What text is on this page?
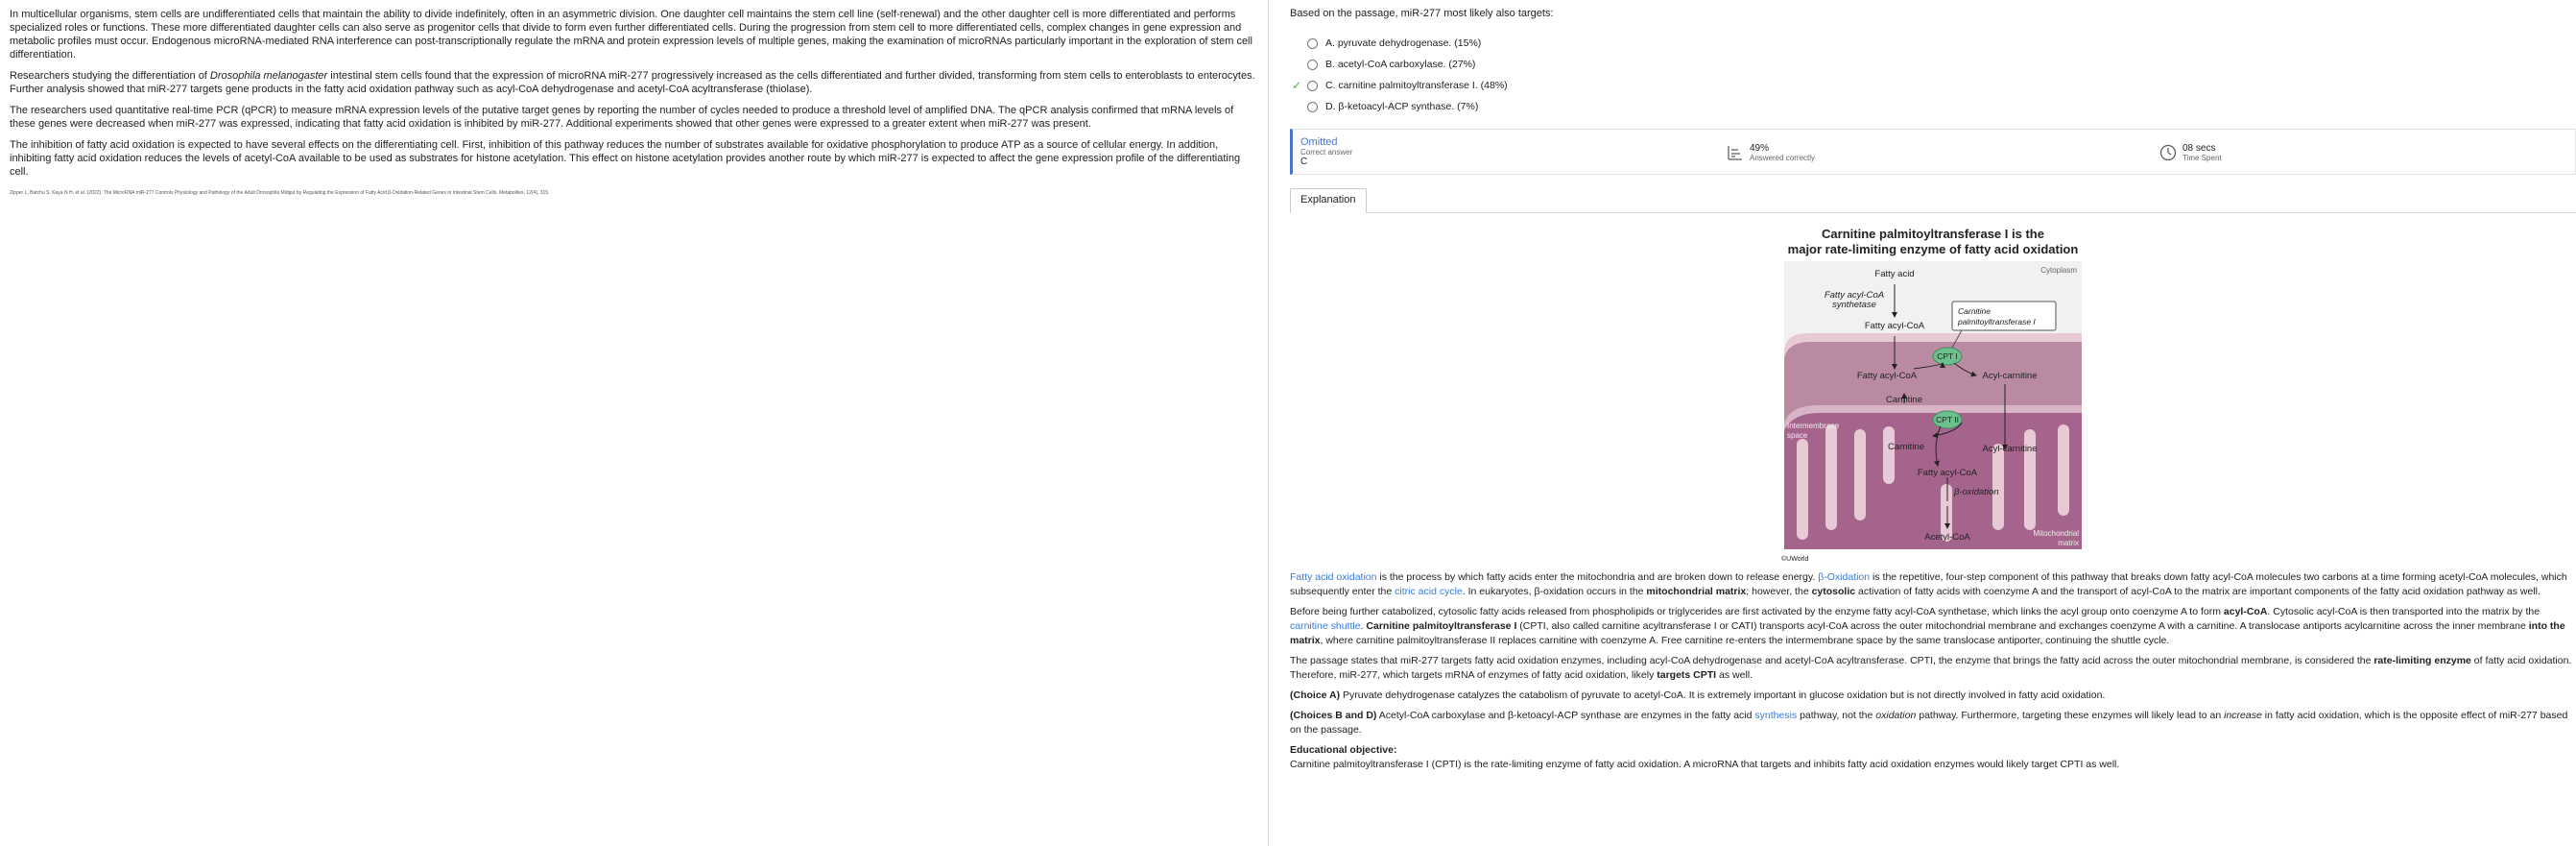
In multicellular organisms, stem cells are undifferentiated cells that maintain the ability to divide indefinitely, often in an asymmetric division. One daughter cell maintains the stem cell line (self-renewal) and the other daughter cell is more differentiated and performs specialized roles or functions. These more differentiated daughter cells can also serve as progenitor cells that divide to form even further differentiated cells. During the progression from stem cell to more differentiated cells, complex changes in gene expression and metabolic profiles must occur. Endogenous microRNA-mediated RNA interference can post-transcriptionally regulate the mRNA and protein expression levels of multiple genes, making the examination of microRNAs particularly important in the exploration of stem cell differentiation.

Researchers studying the differentiation of Drosophila melanogaster intestinal stem cells found that the expression of microRNA miR-277 progressively increased as the cells differentiated and further divided, transforming from stem cells to enteroblasts to enterocytes. Further analysis showed that miR-277 targets gene products in the fatty acid oxidation pathway such as acyl-CoA dehydrogenase and acetyl-CoA acyltransferase (thiolase).

The researchers used quantitative real-time PCR (qPCR) to measure mRNA expression levels of the putative target genes by reporting the number of cycles needed to produce a threshold level of amplified DNA. The qPCR analysis confirmed that mRNA levels of these genes were decreased when miR-277 was expressed, indicating that fatty acid oxidation is inhibited by miR-277. Additional experiments showed that other genes were expressed to a greater extent when miR-277 was present.

The inhibition of fatty acid oxidation is expected to have several effects on the differentiating cell. First, inhibition of this pathway reduces the number of substrates available for oxidative phosphorylation to produce ATP as a source of cellular energy. In addition, inhibiting fatty acid oxidation reduces the levels of acetyl-CoA available to be used as substrates for histone acetylation. This effect on histone acetylation provides another route by which miR-277 is expected to affect the gene expression profile of the differentiating cell.

Zipper L, Batchu S, Kaya N H, et al. (2022). The MicroRNA miR-277 Controls Physiology and Pathology of the Adult Drosophila Midgut by Regulating the Expression of Fatty Acid β-Oxidation-Related Genes in Intestinal Stem Cells. Metabolites, 12(4), 315.
Based on the passage, miR-277 most likely also targets:
A.
pyruvate dehydrogenase.
(15%)
B.
acetyl-CoA carboxylase.
(27%)
✓ C.
carnitine palmitoyltransferase I.
(48%)
D.
β-ketoacyl-ACP synthase.
(7%)
Omitted
Correct answer
C
49%
Answered correctly
08 secs
Time Spent
Explanation
Carnitine palmitoyltransferase I is the
major rate-limiting enzyme of fatty acid oxidation
Fatty acid	Cytoplasm
Fatty acyl-CoA
synthetase
Fatty acyl-CoA
Carnitine
palmitoyltransferase I
CPT I
Fatty acyl-CoA	Acyl-carnitine
Carnitine
CPT II
Intermembrane
space
Carnitine	Acyl-carnitine
Fatty acyl-CoA
β-oxidation
Acetyl-CoA	Mitochondrial
matrix
©UWorld

Fatty acid oxidation is the process by which fatty acids enter the mitochondria and are broken down to release energy. β-Oxidation is the repetitive, four-step component of this pathway that breaks down fatty acyl-CoA molecules two carbons at a time forming acetyl-CoA molecules, which subsequently enter the citric acid cycle. In eukaryotes, β-oxidation occurs in the mitochondrial matrix; however, the cytosolic activation of fatty acids with coenzyme A and the transport of acyl-CoA to the matrix are important components of the fatty acid oxidation pathway as well.

Before being further catabolized, cytosolic fatty acids released from phospholipids or triglycerides are first activated by the enzyme fatty acyl-CoA synthetase, which links the acyl group onto coenzyme A to form acyl-CoA. Cytosolic acyl-CoA is then transported into the matrix by the carnitine shuttle. Carnitine palmitoyltransferase I (CPTI, also called carnitine acyltransferase I or CATI) transports acyl-CoA across the outer mitochondrial membrane and exchanges coenzyme A with a carnitine. A translocase antiports acylcarnitine across the inner membrane into the matrix, where carnitine palmitoyltransferase II replaces carnitine with coenzyme A. Free carnitine re-enters the intermembrane space by the same translocase antiporter, continuing the shuttle cycle.

The passage states that miR-277 targets fatty acid oxidation enzymes, including acyl-CoA dehydrogenase and acetyl-CoA acyltransferase. CPTI, the enzyme that brings the fatty acid across the outer mitochondrial membrane, is considered the rate-limiting enzyme of fatty acid oxidation. Therefore, miR-277, which targets mRNA of enzymes of fatty acid oxidation, likely targets CPTI as well.

(Choice A) Pyruvate dehydrogenase catalyzes the catabolism of pyruvate to acetyl-CoA. It is extremely important in glucose oxidation but is not directly involved in fatty acid oxidation.

(Choices B and D) Acetyl-CoA carboxylase and β-ketoacyl-ACP synthase are enzymes in the fatty acid synthesis pathway, not the oxidation pathway. Furthermore, targeting these enzymes will likely lead to an increase in fatty acid oxidation, which is the opposite effect of miR-277 based on the passage.

Educational objective:
Carnitine palmitoyltransferase I (CPTI) is the rate-limiting enzyme of fatty acid oxidation. A microRNA that targets and inhibits fatty acid oxidation enzymes would likely target CPTI as well.
